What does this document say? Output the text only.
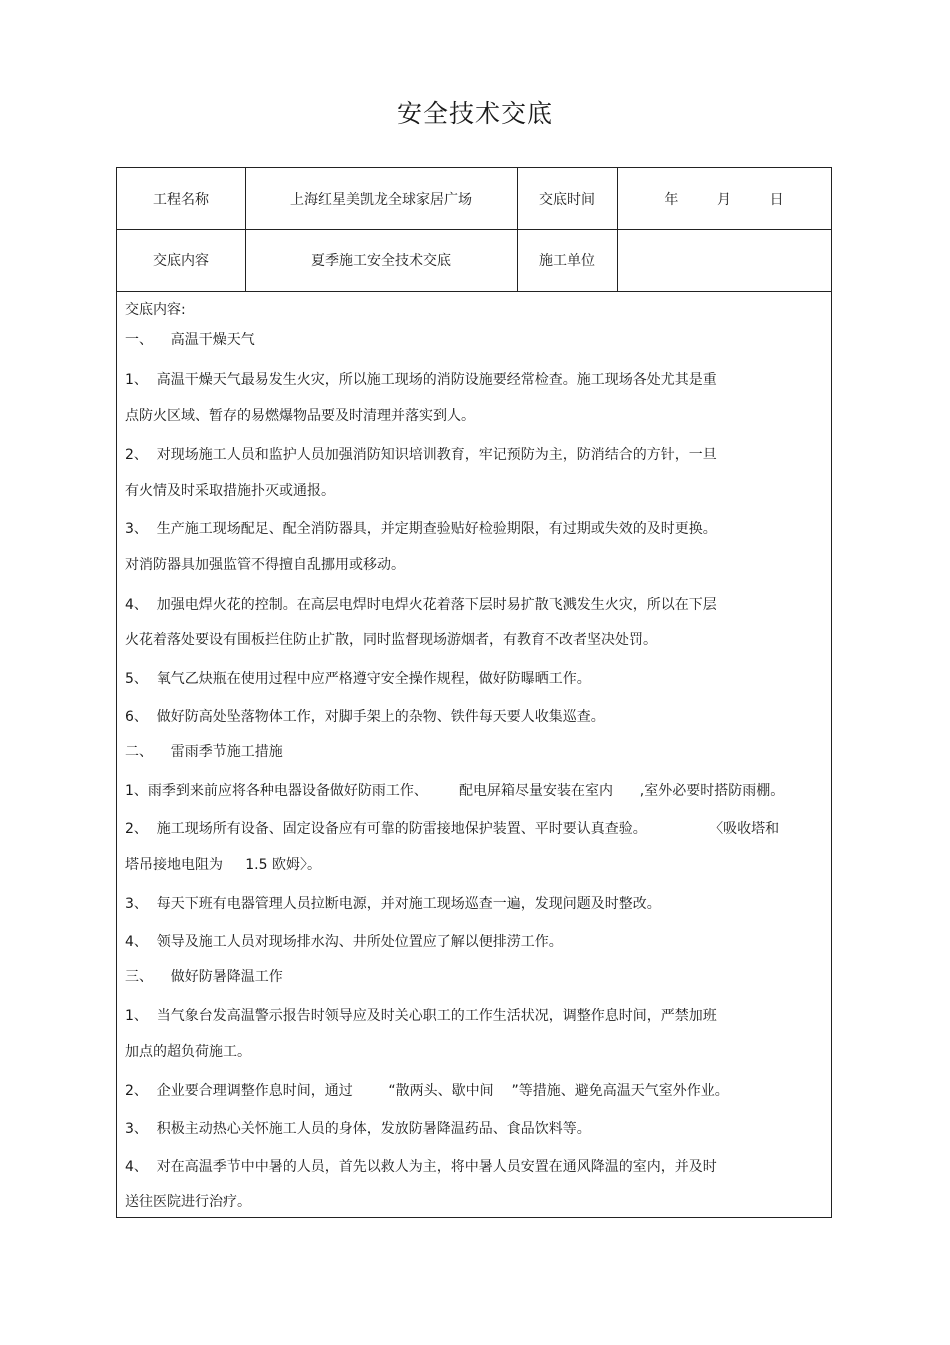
安全技术交底
工程名称	上海红星美凯龙全球家居广场	交底时间	年	月	日
交底内容	夏季施工安全技术交底	施工单位
交底内容:
一、    高温干燥天气
1、  高温干燥天气最易发生火灾，所以施工现场的消防设施要经常检查。施工现场各处尤其是重
点防火区域、暂存的易燃爆物品要及时清理并落实到人。
2、  对现场施工人员和监护人员加强消防知识培训教育，牢记预防为主，防消结合的方针，一旦
有火情及时采取措施扑灭或通报。
3、  生产施工现场配足、配全消防器具，并定期查验贴好检验期限，有过期或失效的及时更换。
对消防器具加强监管不得擅自乱挪用或移动。
4、  加强电焊火花的控制。在高层电焊时电焊火花着落下层时易扩散飞溅发生火灾，所以在下层
火花着落处要设有围板拦住防止扩散，同时监督现场游烟者，有教育不改者坚决处罚。
5、  氧气乙炔瓶在使用过程中应严格遵守安全操作规程，做好防曝晒工作。
6、  做好防高处坠落物体工作，对脚手架上的杂物、铁件每天要人收集巡查。
二、    雷雨季节施工措施
1、雨季到来前应将各种电器设备做好防雨工作、       配电屏箱尽量安装在室内      ,室外必要时搭防雨棚。
2、  施工现场所有设备、固定设备应有可靠的防雷接地保护装置、平时要认真查验。              〈吸收塔和
塔吊接地电阻为     1.5 欧姆〉。
3、  每天下班有电器管理人员拉断电源，并对施工现场巡查一遍，发现问题及时整改。
4、  领导及施工人员对现场排水沟、井所处位置应了解以便排涝工作。
三、    做好防暑降温工作
1、  当气象台发高温警示报告时领导应及时关心职工的工作生活状况，调整作息时间，严禁加班
加点的超负荷施工。
2、  企业要合理调整作息时间，通过        “散两头、歇中间    ”等措施、避免高温天气室外作业。
3、  积极主动热心关怀施工人员的身体，发放防暑降温药品、食品饮料等。
4、  对在高温季节中中暑的人员，首先以救人为主，将中暑人员安置在通风降温的室内，并及时
送往医院进行治疗。
